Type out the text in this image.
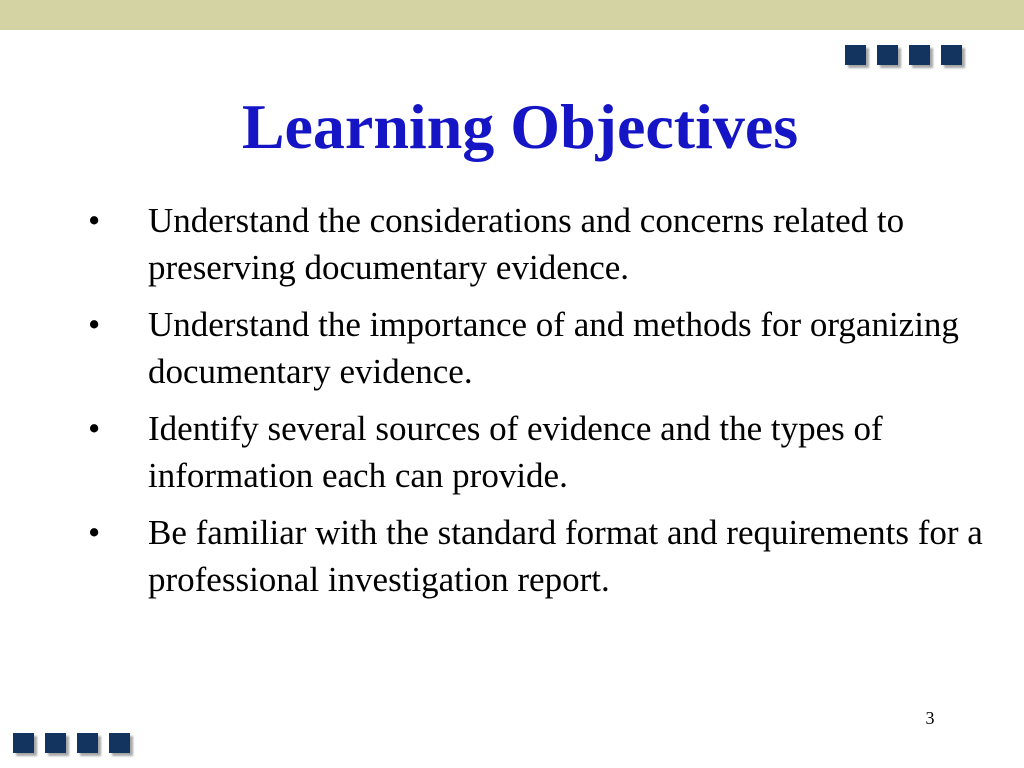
Learning Objectives
•	Understand the considerations and concerns related to preserving documentary evidence.
•	Understand the importance of and methods for organizing documentary evidence.
•	Identify several sources of evidence and the types of information each can provide.
•	Be familiar with the standard format and requirements for a professional investigation report.
3
